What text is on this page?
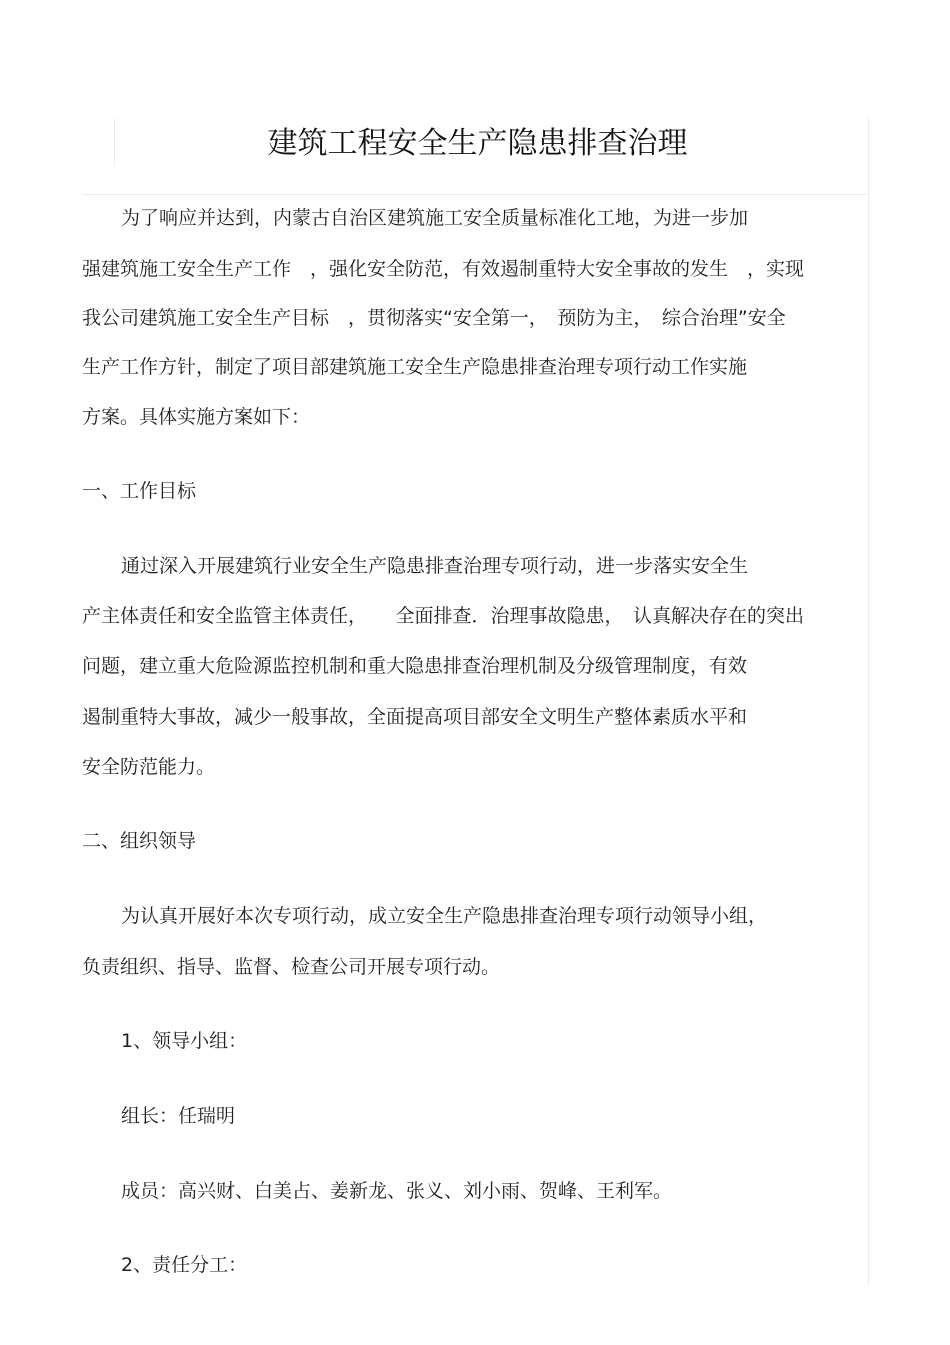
建筑工程安全生产隐患排查治理

为了响应并达到，内蒙古自治区建筑施工安全质量标准化工地，为进一步加

强建筑施工安全生产工作　，强化安全防范，有效遏制重特大安全事故的发生　，实现

我公司建筑施工安全生产目标　，贯彻落实“安全第一，　预防为主，　综合治理”安全

生产工作方针，制定了项目部建筑施工安全生产隐患排查治理专项行动工作实施

方案。具体实施方案如下：

一、工作目标

通过深入开展建筑行业安全生产隐患排查治理专项行动，进一步落实安全生

产主体责任和安全监管主体责任，　　全面排查．治理事故隐患，　认真解决存在的突出

问题，建立重大危险源监控机制和重大隐患排查治理机制及分级管理制度，有效

遏制重特大事故，减少一般事故，全面提高项目部安全文明生产整体素质水平和

安全防范能力。

二、组织领导

为认真开展好本次专项行动，成立安全生产隐患排查治理专项行动领导小组，

负责组织、指导、监督、检查公司开展专项行动。

1、领导小组：

组长：任瑞明

成员：高兴财、白美占、姜新龙、张义、刘小雨、贺峰、王利军。

2、责任分工：
